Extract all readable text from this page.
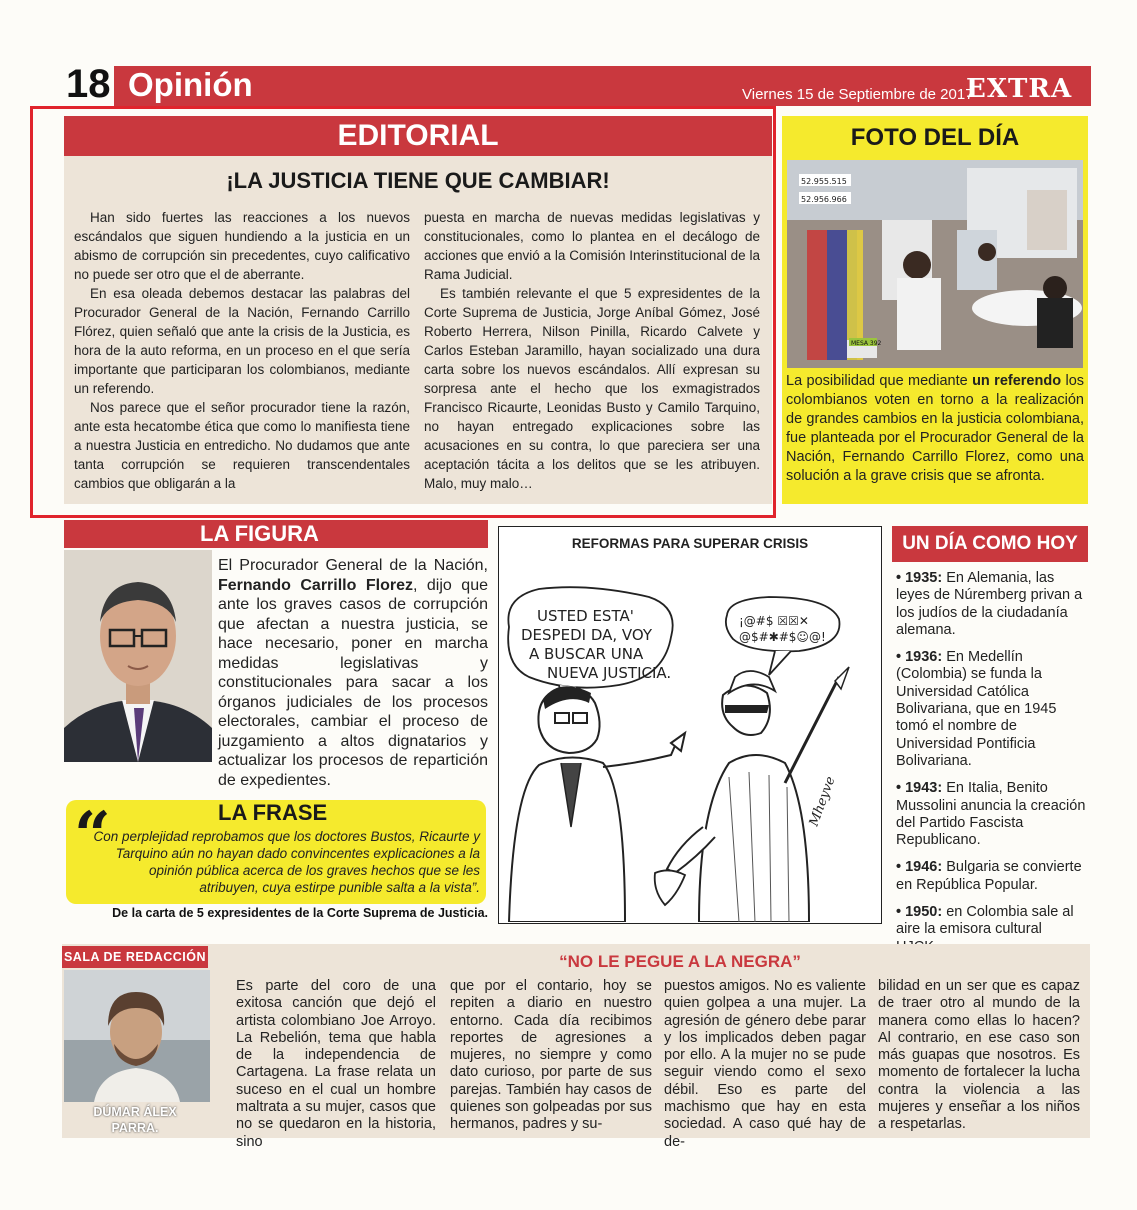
18 Opinión	Viernes 15 de Septiembre de 2017
EXTRA
EDITORIAL
¡LA JUSTICIA TIENE QUE CAMBIAR!

Han sido fuertes las reacciones a los nuevos escándalos que siguen hundiendo a la justicia en un abismo de corrupción sin precedentes, cuyo calificativo no puede ser otro que el de aberrante.

En esa oleada debemos destacar las palabras del Procurador General de la Nación, Fernando Carrillo Flórez, quien señaló que ante la crisis de la Justicia, es hora de la auto reforma, en un proceso en el que sería importante que participaran los colombianos, mediante un referendo.

Nos parece que el señor procurador tiene la razón, ante esta hecatombe ética que como lo manifiesta tiene a nuestra Justicia en entredicho. No dudamos que ante tanta corrupción se requieren transcendentales cambios que obligarán a la

puesta en marcha de nuevas medidas legislativas y constitucionales, como lo plantea en el decálogo de acciones que envió a la Comisión Interinstitucional de la Rama Judicial.

Es también relevante el que 5 expresidentes de la Corte Suprema de Justicia, Jorge Aníbal Gómez, José Roberto Herrera, Nilson Pinilla, Ricardo Calvete y Carlos Esteban Jaramillo, hayan socializado una dura carta sobre los nuevos escándalos. Allí expresan su sorpresa ante el hecho que los exmagistrados Francisco Ricaurte, Leonidas Busto y Camilo Tarquino, no hayan entregado explicaciones sobre las acusaciones en su contra, lo que pareciera ser una aceptación tácita a los delitos que se les atribuyen. Malo, muy malo…

FOTO DEL DÍA
52.955.515
52.956.966
MESA 392
La posibilidad que mediante un referendo los colombianos voten en torno a la realización de grandes cambios en la justicia colombiana, fue planteada por el Procurador General de la Nación, Fernando Carrillo Florez, como una solución a la grave crisis que se afronta.
LA FIGURA
El Procurador General de la Nación, Fernando Carrillo Florez, dijo que ante los graves casos de corrupción que afectan a nuestra justicia, se hace necesario, poner en marcha medidas legislativas y constitucionales para sacar a los órganos judiciales de los procesos electorales, cambiar el proceso de juzgamiento a altos dignatarios y actualizar los procesos de repartición de expedientes.
“	LA FRASE
Con perplejidad reprobamos que los doctores Bustos, Ricaurte y Tarquino aún no hayan dado convincentes explicaciones a la opinión pública acerca de los graves hechos que se les atribuyen, cuya estirpe punible salta a la vista”.
De la carta de 5 expresidentes de la Corte Suprema de Justicia.
USTED ESTA'
DESPEDI DA, VOY
A BUSCAR UNA
NUEVA JUSTICIA.
¡@#$ ☒☒✕
@$#✱#$☺@!
Mheyve
REFORMAS PARA SUPERAR CRISIS	UN DÍA COMO HOY
• 1935: En Alemania, las leyes de Núremberg privan a los judíos de la ciudadanía alemana.
• 1936: En Medellín (Colombia) se funda la Universidad Católica Bolivariana, que en 1945 tomó el nombre de Universidad Pontificia Bolivariana.
• 1943: En Italia, Benito Mussolini anuncia la creación del Partido Fascista Republicano.
• 1946: Bulgaria se convierte en República Popular.
• 1950: en Colombia sale al aire la emisora cultural
SALA DE REDACCIÓN
DÚMAR ÁLEX
PARRA.
“NO LE PEGUE A LA NEGRA”
Es parte del coro de una exitosa canción que dejó el artista colombiano Joe Arroyo. La Rebelión, tema que habla de la independencia de Cartagena. La frase relata un suceso en el cual un hombre maltrata a su mujer, casos que no se quedaron en la historia, sino
que por el contario, hoy se repiten a diario en nuestro entorno. Cada día recibimos reportes de agresiones a mujeres, no siempre y como dato curioso, por parte de sus parejas. También hay casos de quienes son golpeadas por sus hermanos, padres y su-
puestos amigos. No es valiente quien golpea a una mujer. La agresión de género debe parar y los implicados deben pagar por ello. A la mujer no se pude seguir viendo como el sexo débil. Eso es parte del machismo que hay en esta sociedad. A caso qué hay de de-
bilidad en un ser que es capaz de traer otro al mundo de la manera como ellas lo hacen? Al contrario, en ese caso son más guapas que nosotros. Es momento de fortalecer la lucha contra la violencia a las mujeres y enseñar a los niños a respetarlas.
